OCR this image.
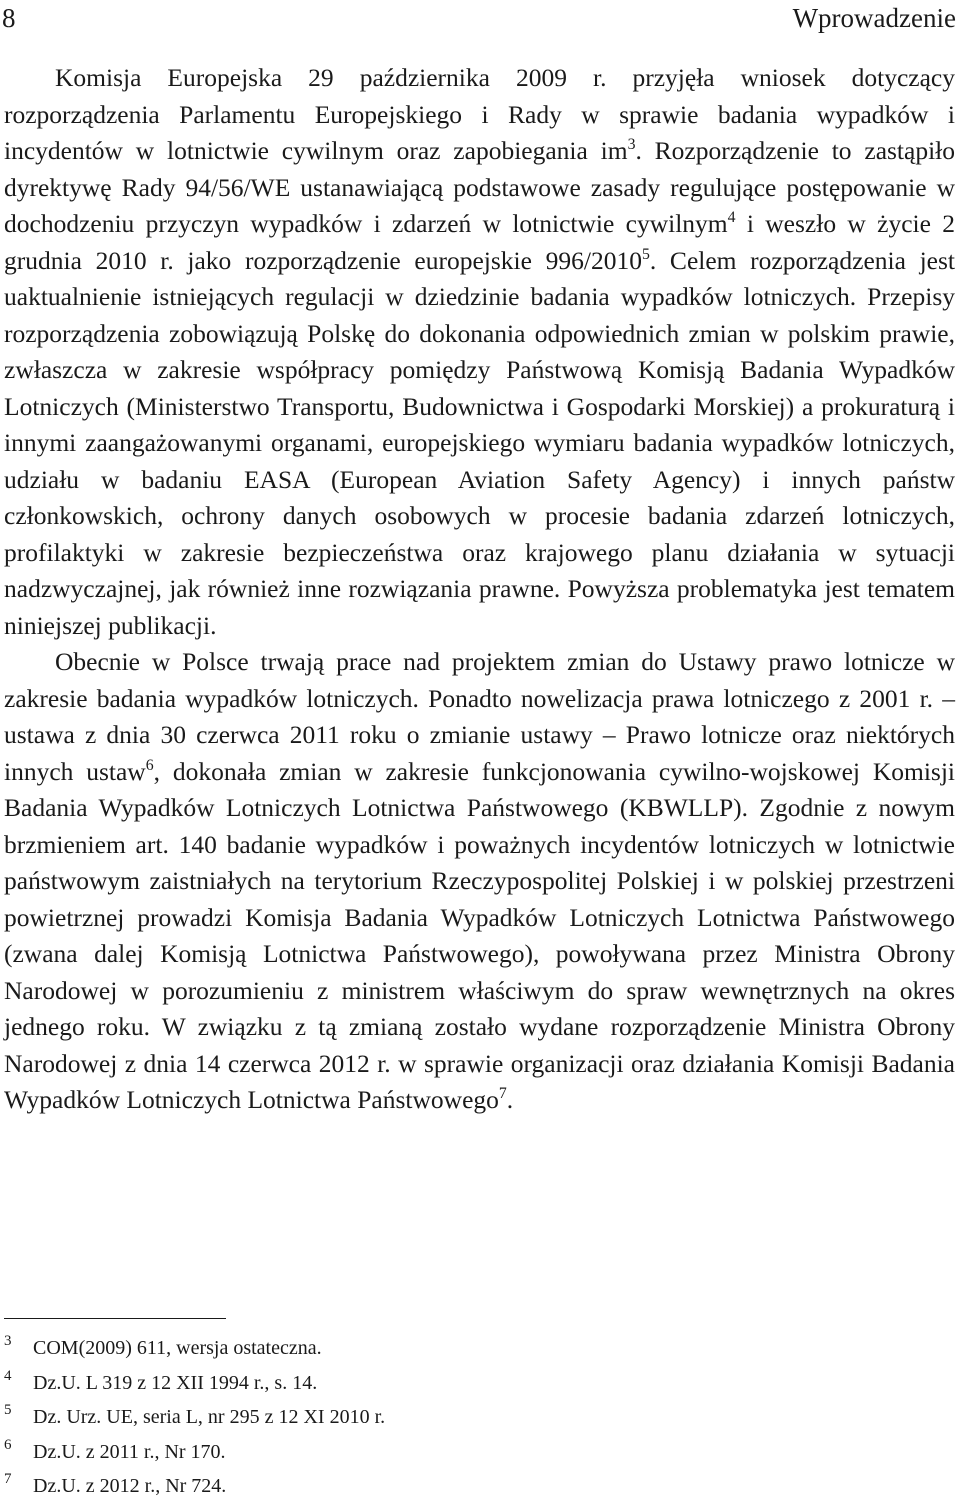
8	Wprowadzenie

Komisja Europejska 29 października 2009 r. przyjęła wniosek dotyczący rozporządzenia Parlamentu Europejskiego i Rady w sprawie badania wypadków i incydentów w lotnictwie cywilnym oraz zapobiegania $im^3$. Rozporządzenie to zastąpiło dyrektywę Rady 94/56/WE ustanawiającą podstawowe zasady regulujące postępowanie w dochodzeniu przyczyn wypadków i zdarzeń w lotnictwie cywilnym$^4$ i weszło w życie 2 grudnia 2010 r. jako rozporządzenie europejskie 996/2010$^5$. Celem rozporządzenia jest uaktualnienie istniejących regulacji w dziedzinie badania wypadków lotniczych. Przepisy rozporządzenia zobowiązują Polskę do dokonania odpowiednich zmian w polskim prawie, zwłaszcza w zakresie współpracy pomiędzy Państwową Komisją Badania Wypadków Lotniczych (Ministerstwo Transportu, Budownictwa i Gospodarki Morskiej) a prokuraturą i innymi zaangażowanymi organami, europejskiego wymiaru badania wypadków lotniczych, udziału w badaniu EASA (European Aviation Safety Agency) i innych państw członkowskich, ochrony danych osobowych w procesie badania zdarzeń lotniczych, profilaktyki w zakresie bezpieczeństwa oraz krajowego planu działania w sytuacji nadzwyczajnej, jak również inne rozwiązania prawne. Powyższa problematyka jest tematem niniejszej publikacji.

Obecnie w Polsce trwają prace nad projektem zmian do Ustawy prawo lotnicze w zakresie badania wypadków lotniczych. Ponadto nowelizacja prawa lotniczego z 2001 r. – ustawa z dnia 30 czerwca 2011 roku o zmianie ustawy – Prawo lotnicze oraz niektórych innych ustaw$^6$, dokonała zmian w zakresie funkcjonowania cywilno-wojskowej Komisji Badania Wypadków Lotniczych Lotnictwa Państwowego (KBWLLP). Zgodnie z nowym brzmieniem art. 140 badanie wypadków i poważnych incydentów lotniczych w lotnictwie państwowym zaistniałych na terytorium Rzeczypospolitej Polskiej i w polskiej przestrzeni powietrznej prowadzi Komisja Badania Wypadków Lotniczych Lotnictwa Państwowego (zwana dalej Komisją Lotnictwa Państwowego), powoływana przez Ministra Obrony Narodowej w porozumieniu z ministrem właściwym do spraw wewnętrznych na okres jednego roku. W związku z tą zmianą zostało wydane rozporządzenie Ministra Obrony Narodowej z dnia 14 czerwca 2012 r. w sprawie organizacji oraz działania Komisji Badania Wypadków Lotniczych Lotnictwa Państwowego$^7$.

3 COM(2009) 611, wersja ostateczna.
4 Dz.U. L 319 z 12 XII 1994 r., s. 14.
5 Dz. Urz. UE, seria L, nr 295 z 12 XI 2010 r.
6 Dz.U. z 2011 r., Nr 170.
7 Dz.U. z 2012 r., Nr 724.
